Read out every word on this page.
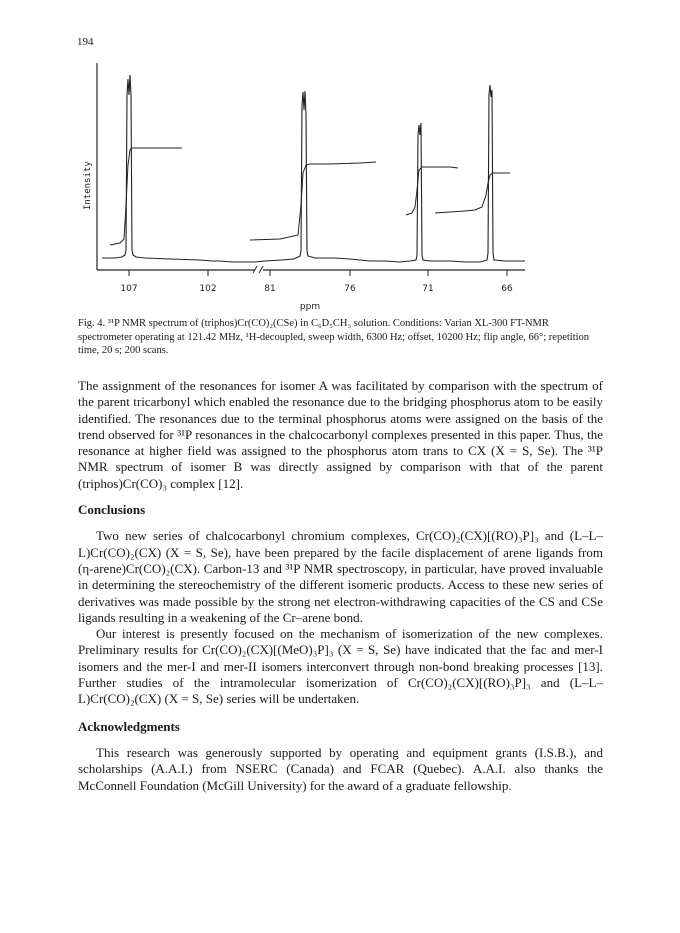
194
Intensity
107	102	81	76	71	66
ppm
Fig. 4. ³¹P NMR spectrum of (triphos)Cr(CO)₂(CSe) in C₆D₅CH₃ solution. Conditions: Varian XL-300 FT-NMR spectrometer operating at 121.42 MHz, ¹H-decoupled, sweep width, 6300 Hz; offset, 10200 Hz; flip angle, 66°; repetition time, 20 s; 200 scans.

The assignment of the resonances for isomer A was facilitated by comparison with the spectrum of the parent tricarbonyl which enabled the resonance due to the bridging phosphorus atom to be easily identified. The resonances due to the terminal phosphorus atoms were assigned on the basis of the trend observed for ³¹P resonances in the chalcocarbonyl complexes presented in this paper. Thus, the resonance at higher field was assigned to the phosphorus atom trans to CX (X = S, Se). The ³¹P NMR spectrum of isomer B was directly assigned by comparison with that of the parent (triphos)Cr(CO)₃ complex [12].

Conclusions

Two new series of chalcocarbonyl chromium complexes, Cr(CO)₂(CX)[(RO)₃P]₃ and (L–L–L)Cr(CO)₂(CX) (X = S, Se), have been prepared by the facile displacement of arene ligands from (η-arene)Cr(CO)₂(CX). Carbon-13 and ³¹P NMR spectroscopy, in particular, have proved invaluable in determining the stereochemistry of the different isomeric products. Access to these new series of derivatives was made possible by the strong net electron-withdrawing capacities of the CS and CSe ligands resulting in a weakening of the Cr–arene bond.

Our interest is presently focused on the mechanism of isomerization of the new complexes. Preliminary results for Cr(CO)₂(CX)[(MeO)₃P]₃ (X = S, Se) have indicated that the fac and mer-I isomers and the mer-I and mer-II isomers interconvert through non-bond breaking processes [13]. Further studies of the intramolecular isomerization of Cr(CO)₂(CX)[(RO)₃P]₃ and (L–L–L)Cr(CO)₂(CX) (X = S, Se) series will be undertaken.

Acknowledgments

This research was generously supported by operating and equipment grants (I.S.B.), and scholarships (A.A.I.) from NSERC (Canada) and FCAR (Quebec). A.A.I. also thanks the McConnell Foundation (McGill University) for the award of a graduate fellowship.
